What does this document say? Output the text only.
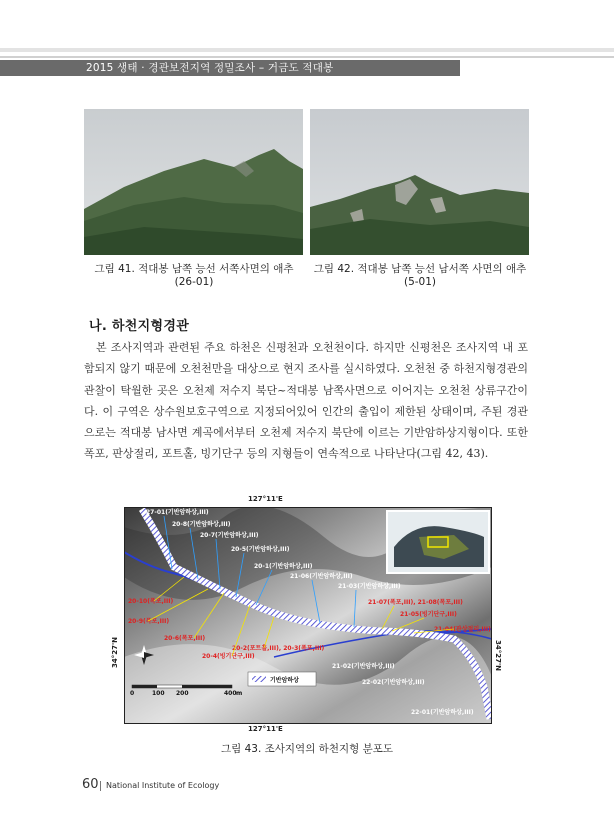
2015 생태 · 경관보전지역 정밀조사 – 거금도 적대봉
그림 41. 적대봉 남쪽 능선 서쪽사면의 애추
(26-01)
그림 42. 적대봉 남쪽 능선 남서쪽 사면의 애추
(5-01)
나. 하천지형경관

본 조사지역과 관련된 주요 하천은 신평천과 오천천이다. 하지만 신평천은 조사지역 내 포함되지 않기 때문에 오천천만을 대상으로 현지 조사를 실시하였다. 오천천 중 하천지형경관의 관찰이 탁월한 곳은 오천제 저수지 북단~적대봉 남쪽사면으로 이어지는 오천천 상류구간이다. 이 구역은 상수원보호구역으로 지정되어있어 인간의 출입이 제한된 상태이며, 주된 경관으로는 적대봉 남사면 계곡에서부터 오천제 저수지 북단에 이르는 기반암하상지형이다. 또한 폭포, 판상절리, 포트홀, 빙기단구 등의 지형들이 연속적으로 나타난다(그림 42, 43).

127°11'E
127°11'E
34°27'N	34°27'N
0	100 200	400 m
기반암하상
27-01(기반암하상,III)
20-8(기반암하상,III)
20-7(기반암하상,III)
20-5(기반암하상,III)
20-1(기반암하상,III)
21-06(기반암하상,III)
21-03(기반암하상,III)
21-02(기반암하상,III)
22-02(기반암하상,III)
22-01(기반암하상,III)
20-10(폭포,III)
20-9(폭포,III)
20-6(폭포,III)
20-4(빙기단구,III)
20-2(포트홀,III), 20-3(폭포,III)
21-07(폭포,III), 21-08(폭포,III)
21-05(빙기단구,III)
21-04(관상절리,III)
그림 43. 조사지역의 하천지형 분포도
60 National Institute of Ecology
